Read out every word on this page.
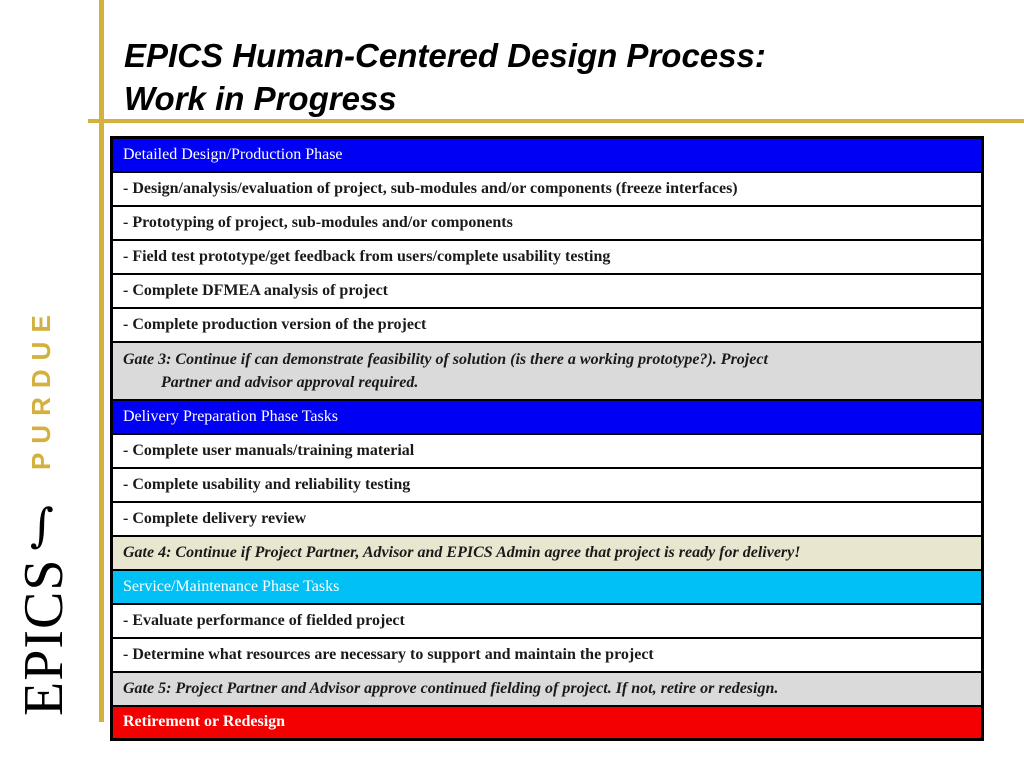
EPICS Human-Centered Design Process:
Work in Progress
PURDUE
∫
EPICS
Detailed Design/Production Phase
- Design/analysis/evaluation of project, sub-modules and/or components (freeze interfaces)
- Prototyping of project, sub-modules and/or components
- Field test prototype/get feedback from users/complete usability testing
- Complete DFMEA analysis of project
- Complete production version of the project
Gate 3: Continue if can demonstrate feasibility of solution (is there a working prototype?). Project
Partner and advisor approval required.

Delivery Preparation Phase Tasks
- Complete user manuals/training material
- Complete usability and reliability testing
- Complete delivery review
Gate 4: Continue if Project Partner, Advisor and EPICS Admin agree that project is ready for delivery!
Service/Maintenance Phase Tasks
- Evaluate performance of fielded project
- Determine what resources are necessary to support and maintain the project
Gate 5: Project Partner and Advisor approve continued fielding of project. If not, retire or redesign.
Retirement or Redesign
